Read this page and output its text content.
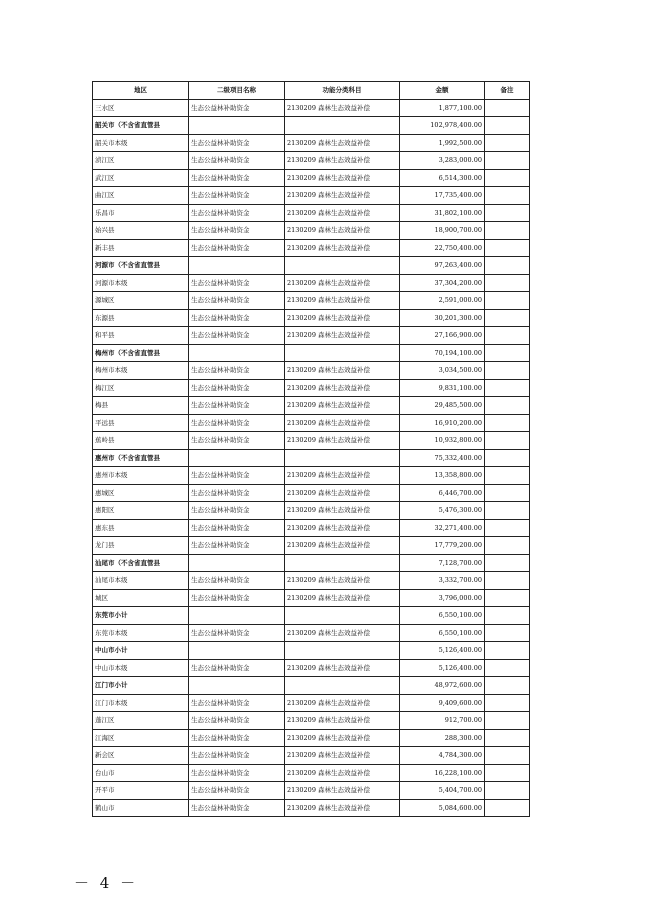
地区	二级项目名称	功能分类科目	金额	备注
三水区	生态公益林补助资金	2130209 森林生态效益补偿	1,877,100.00	
韶关市（不含省直管县			102,978,400.00	
韶关市本级	生态公益林补助资金	2130209 森林生态效益补偿	1,992,500.00	
浈江区	生态公益林补助资金	2130209 森林生态效益补偿	3,283,000.00	
武江区	生态公益林补助资金	2130209 森林生态效益补偿	6,514,300.00	
曲江区	生态公益林补助资金	2130209 森林生态效益补偿	17,735,400.00	
乐昌市	生态公益林补助资金	2130209 森林生态效益补偿	31,802,100.00	
始兴县	生态公益林补助资金	2130209 森林生态效益补偿	18,900,700.00	
新丰县	生态公益林补助资金	2130209 森林生态效益补偿	22,750,400.00	
河源市（不含省直管县			97,263,400.00	
河源市本级	生态公益林补助资金	2130209 森林生态效益补偿	37,304,200.00	
源城区	生态公益林补助资金	2130209 森林生态效益补偿	2,591,000.00	
东源县	生态公益林补助资金	2130209 森林生态效益补偿	30,201,300.00	
和平县	生态公益林补助资金	2130209 森林生态效益补偿	27,166,900.00	
梅州市（不含省直管县			70,194,100.00	
梅州市本级	生态公益林补助资金	2130209 森林生态效益补偿	3,034,500.00	
梅江区	生态公益林补助资金	2130209 森林生态效益补偿	9,831,100.00	
梅县	生态公益林补助资金	2130209 森林生态效益补偿	29,485,500.00	
平远县	生态公益林补助资金	2130209 森林生态效益补偿	16,910,200.00	
蕉岭县	生态公益林补助资金	2130209 森林生态效益补偿	10,932,800.00	
惠州市（不含省直管县			75,332,400.00	
惠州市本级	生态公益林补助资金	2130209 森林生态效益补偿	13,358,800.00	
惠城区	生态公益林补助资金	2130209 森林生态效益补偿	6,446,700.00	
惠阳区	生态公益林补助资金	2130209 森林生态效益补偿	5,476,300.00	
惠东县	生态公益林补助资金	2130209 森林生态效益补偿	32,271,400.00	
龙门县	生态公益林补助资金	2130209 森林生态效益补偿	17,779,200.00	
汕尾市（不含省直管县			7,128,700.00	
汕尾市本级	生态公益林补助资金	2130209 森林生态效益补偿	3,332,700.00	
城区	生态公益林补助资金	2130209 森林生态效益补偿	3,796,000.00	
东莞市小计			6,550,100.00	
东莞市本级	生态公益林补助资金	2130209 森林生态效益补偿	6,550,100.00	
中山市小计			5,126,400.00	
中山市本级	生态公益林补助资金	2130209 森林生态效益补偿	5,126,400.00	
江门市小计			48,972,600.00	
江门市本级	生态公益林补助资金	2130209 森林生态效益补偿	9,409,600.00	
蓬江区	生态公益林补助资金	2130209 森林生态效益补偿	912,700.00	
江海区	生态公益林补助资金	2130209 森林生态效益补偿	288,300.00	
新会区	生态公益林补助资金	2130209 森林生态效益补偿	4,784,300.00	
台山市	生态公益林补助资金	2130209 森林生态效益补偿	16,228,100.00	
开平市	生态公益林补助资金	2130209 森林生态效益补偿	5,404,700.00	
鹤山市	生态公益林补助资金	2130209 森林生态效益补偿	5,084,600.00	
－ 4 －
